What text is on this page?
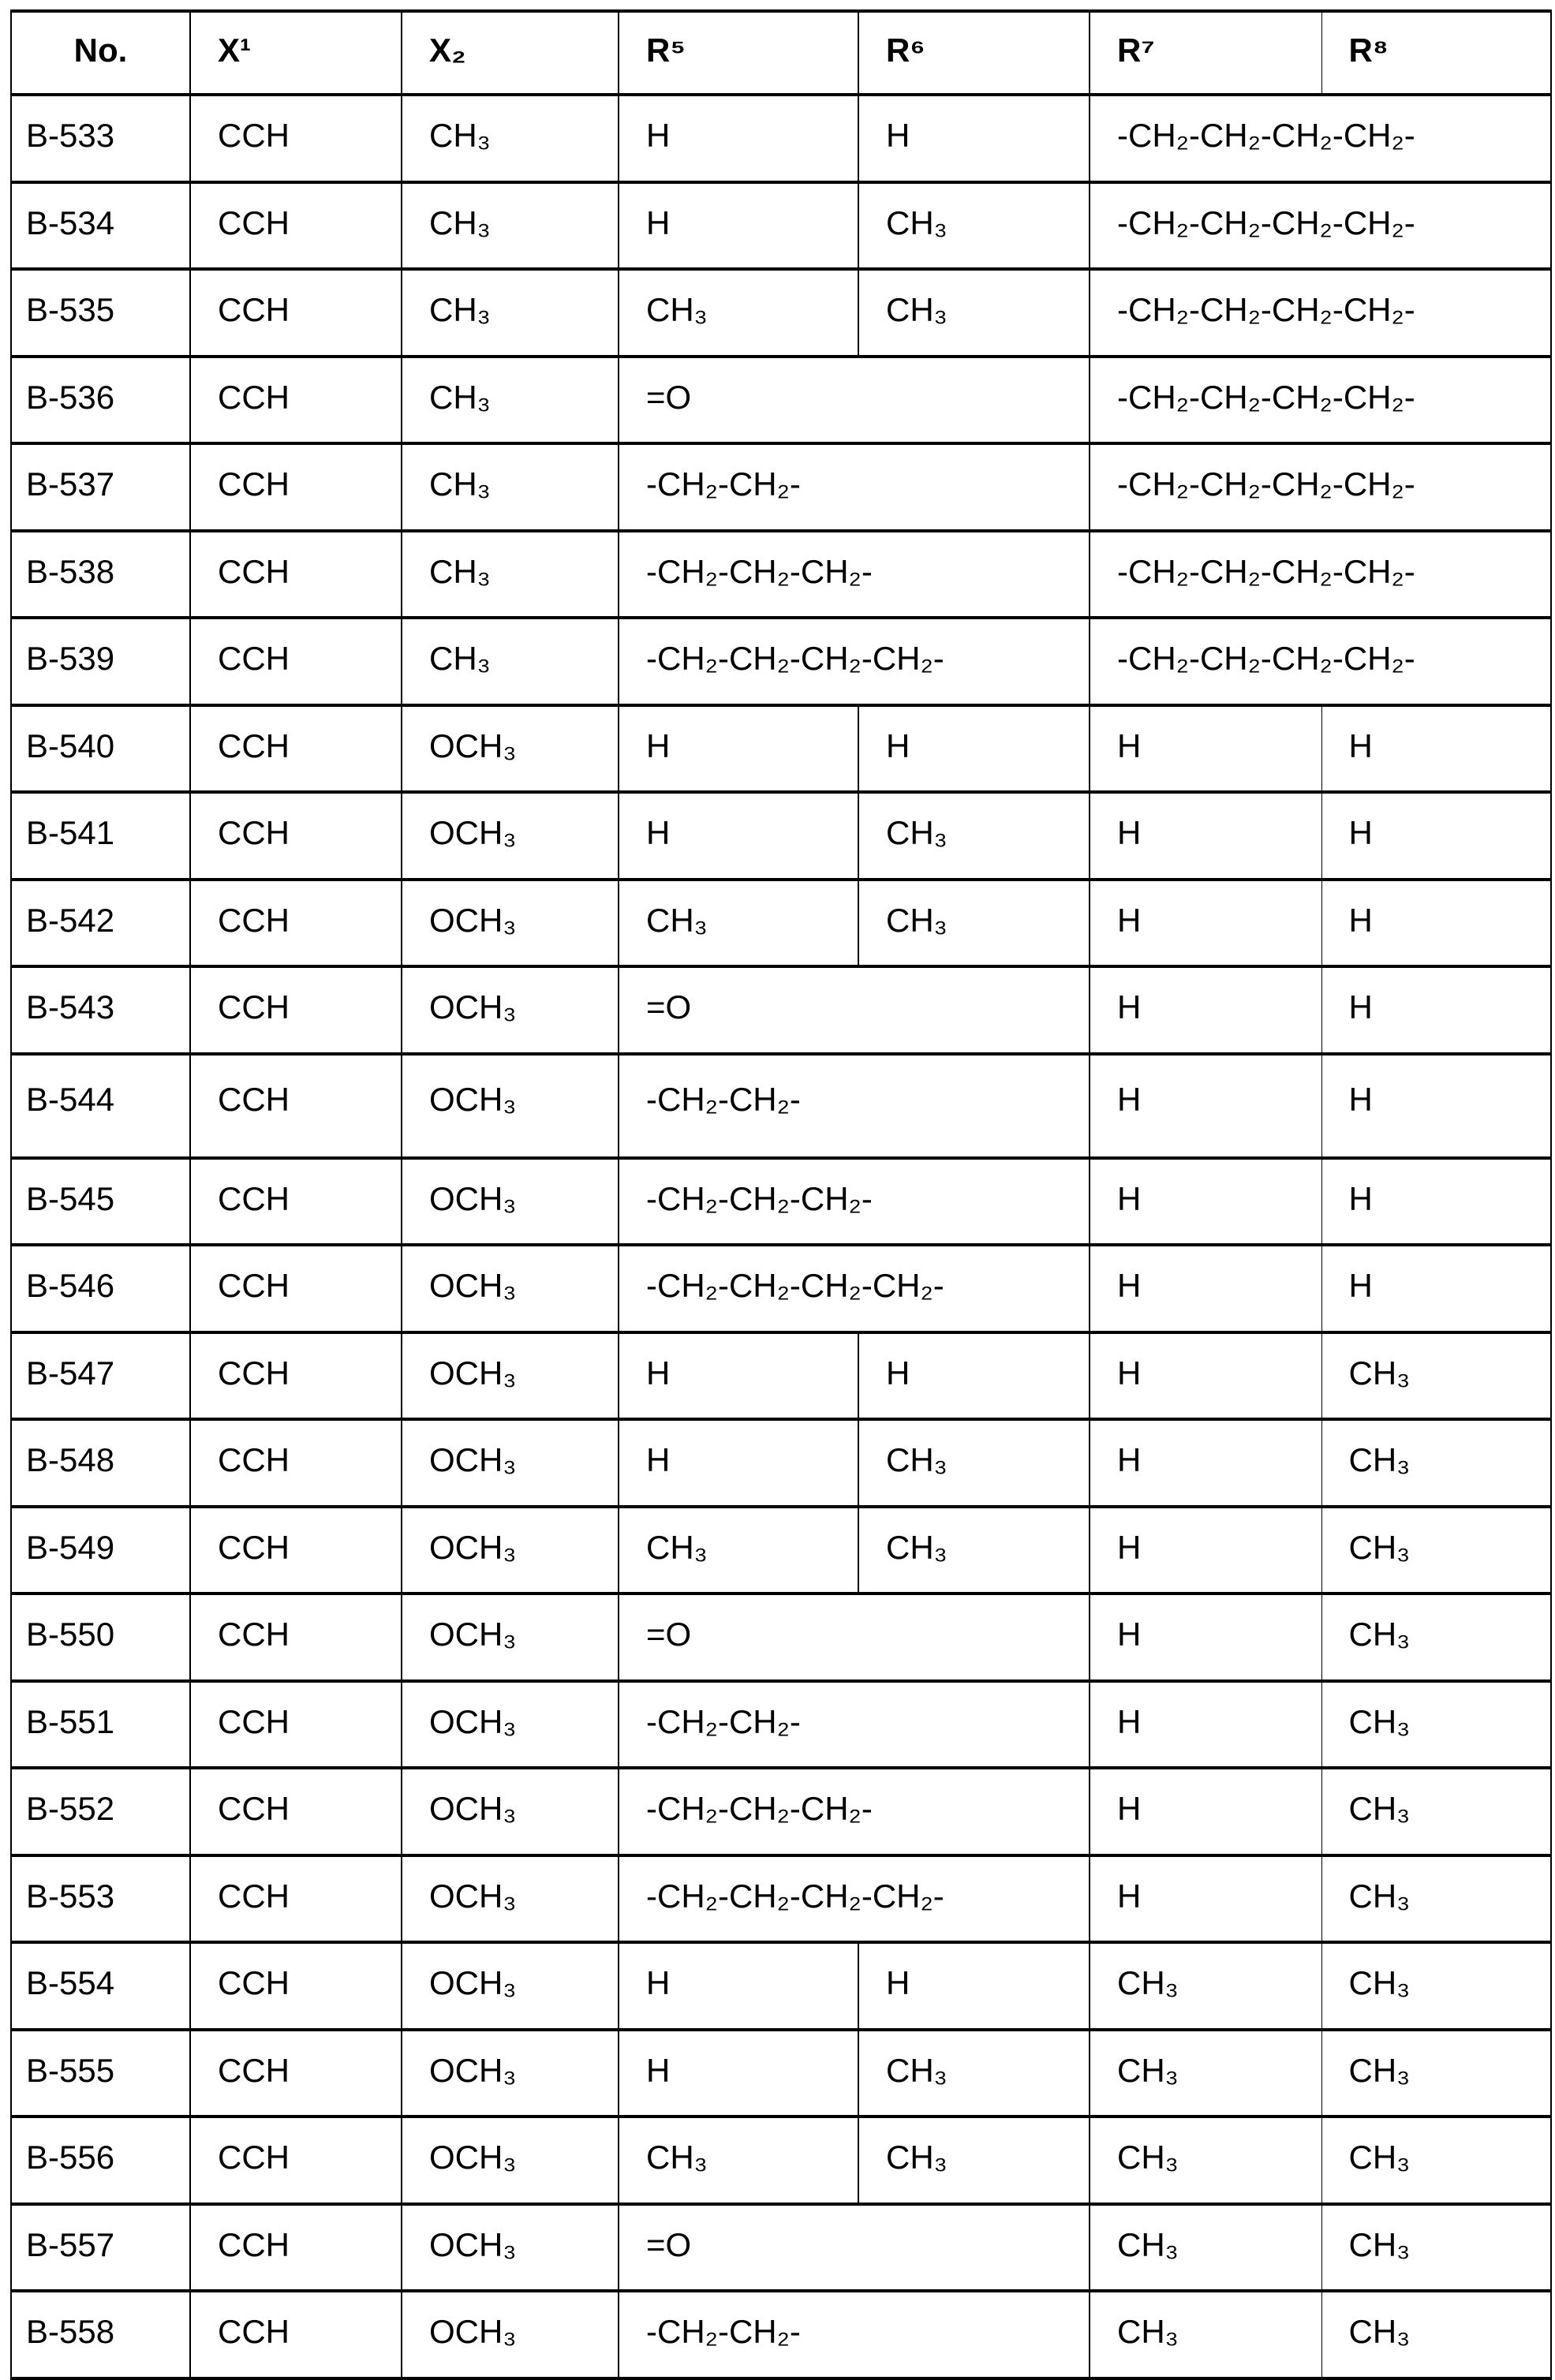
No.	X¹	X₂	R⁵	R⁶	R⁷	R⁸
B-533	CCH	CH₃	H	H	-CH₂-CH₂-CH₂-CH₂-
B-534	CCH	CH₃	H	CH₃	-CH₂-CH₂-CH₂-CH₂-
B-535	CCH	CH₃	CH₃	CH₃	-CH₂-CH₂-CH₂-CH₂-
B-536	CCH	CH₃	=O	-CH₂-CH₂-CH₂-CH₂-
B-537	CCH	CH₃	-CH₂-CH₂-	-CH₂-CH₂-CH₂-CH₂-
B-538	CCH	CH₃	-CH₂-CH₂-CH₂-	-CH₂-CH₂-CH₂-CH₂-
B-539	CCH	CH₃	-CH₂-CH₂-CH₂-CH₂-	-CH₂-CH₂-CH₂-CH₂-
B-540	CCH	OCH₃	H	H	H	H
B-541	CCH	OCH₃	H	CH₃	H	H
B-542	CCH	OCH₃	CH₃	CH₃	H	H
B-543	CCH	OCH₃	=O	H	H
B-544	CCH	OCH₃	-CH₂-CH₂-	H	H
B-545	CCH	OCH₃	-CH₂-CH₂-CH₂-	H	H
B-546	CCH	OCH₃	-CH₂-CH₂-CH₂-CH₂-	H	H
B-547	CCH	OCH₃	H	H	H	CH₃
B-548	CCH	OCH₃	H	CH₃	H	CH₃
B-549	CCH	OCH₃	CH₃	CH₃	H	CH₃
B-550	CCH	OCH₃	=O	H	CH₃
B-551	CCH	OCH₃	-CH₂-CH₂-	H	CH₃
B-552	CCH	OCH₃	-CH₂-CH₂-CH₂-	H	CH₃
B-553	CCH	OCH₃	-CH₂-CH₂-CH₂-CH₂-	H	CH₃
B-554	CCH	OCH₃	H	H	CH₃	CH₃
B-555	CCH	OCH₃	H	CH₃	CH₃	CH₃
B-556	CCH	OCH₃	CH₃	CH₃	CH₃	CH₃
B-557	CCH	OCH₃	=O	CH₃	CH₃
B-558	CCH	OCH₃	-CH₂-CH₂-	CH₃	CH₃
